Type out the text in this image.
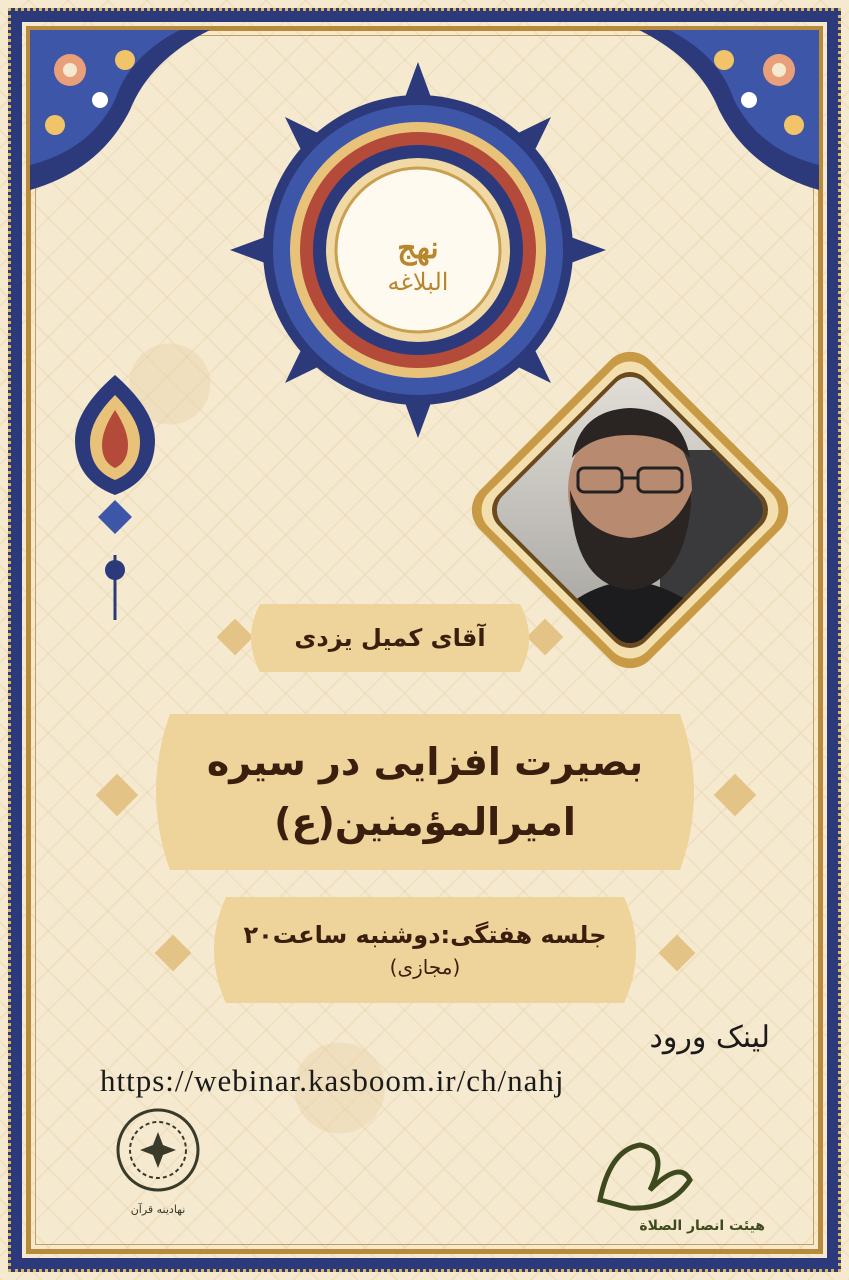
نهج
البلاغه
آقای کمیل یزدی
بصیرت افزایی در سیره
امیرالمؤمنین(ع)
جلسه هفتگی:دوشنبه ساعت۲۰
(مجازی)
لینک ورود
https://webinar.kasboom.ir/ch/nahj
نهادینه قرآن
هیئت انصار الصلاة
